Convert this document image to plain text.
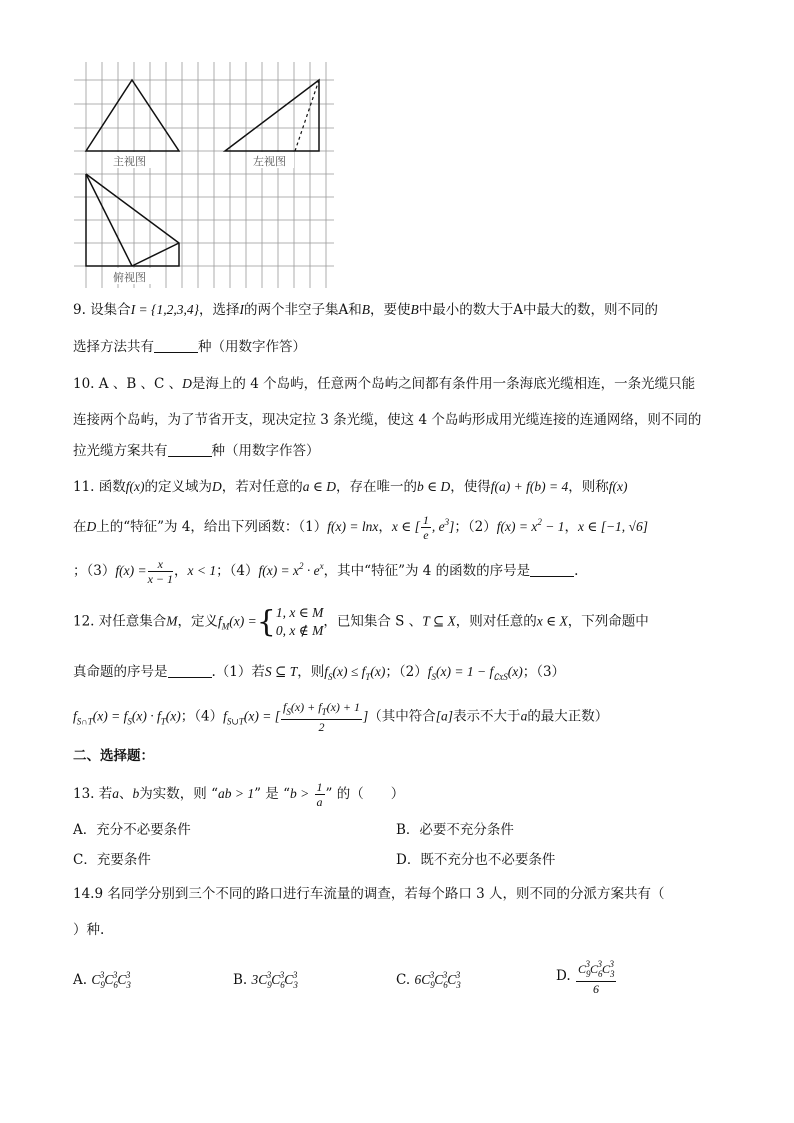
主视图	左视图
俯视图
9. 设集合I = {1,2,3,4}，选择I的两个非空子集A和B，要使B中最小的数大于A中最大的数，则不同的
选择方法共有	种（用数字作答）
10. A 、B 、C 、D是海上的 4 个岛屿，任意两个岛屿之间都有条件用一条海底光缆相连，一条光缆只能
连接两个岛屿，为了节省开支，现决定拉 3 条光缆，使这 4 个岛屿形成用光缆连接的连通网络，则不同的
拉光缆方案共有	种（用数字作答）
11. 函数f(x)的定义域为D，若对任意的a ∈ D，存在唯一的b ∈ D，使得f(a) + f(b) = 4，则称f(x)
在D上的“特征”为 4，给出下列函数：（1）f(x) = lnx，x ∈ [ $\frac{1}{e}$ , $e^3$]；$(2)f(x) = x^2 - 1$，x ∈ [−1, √6]
；$(3)f(x) = \frac{x}{x - 1}$ ，x < 1；$(4)f(x) = x^2 \cdot e^x$，其中“特征”为 4 的函数的序号是	.
12. 对任意集合M，定义$f_M(x)$ ={ 1, x ∈ M
0, x ∉ M
，已知集合 S 、T ⊆ X，则对任意的x ∈ X，下列命题中
真命题的序号是	.（1）若S ⊆ T，则$f_S(x) \le f_T(x)$；$(2)f_S(x) = 1 - f_{∁XS}(x)$；（3）
$f_{S\cap T}(x) = f_S(x) \cdot f_T(x)$；$(4)f_{S\cup T}(x)$ = [ $\frac{f_S(x) + f_T(x) + 1}{2}$ ]（其中符合[a]表示不大于a的最大正数）
二、选择题：
13. 若a、b为实数，则 “ab > 1” 是 “$b > \frac{1}{a}$ ” 的（　　）
A．充分不必要条件	B．必要不充分条件
C．充要条件	D．既不充分也不必要条件
14.9 名同学分别到三个不同的路口进行车流量的调查，若每个路口 3 人，则不同的分派方案共有（
）种.
A. $C_9^3C_6^3C_3^3$	B. $3C_9^3C_6^3C_3^3$	C. $6C_9^3C_6^3C_3^3$	D. $\frac{C_9^3C_6^3C_3^3}{6}$
